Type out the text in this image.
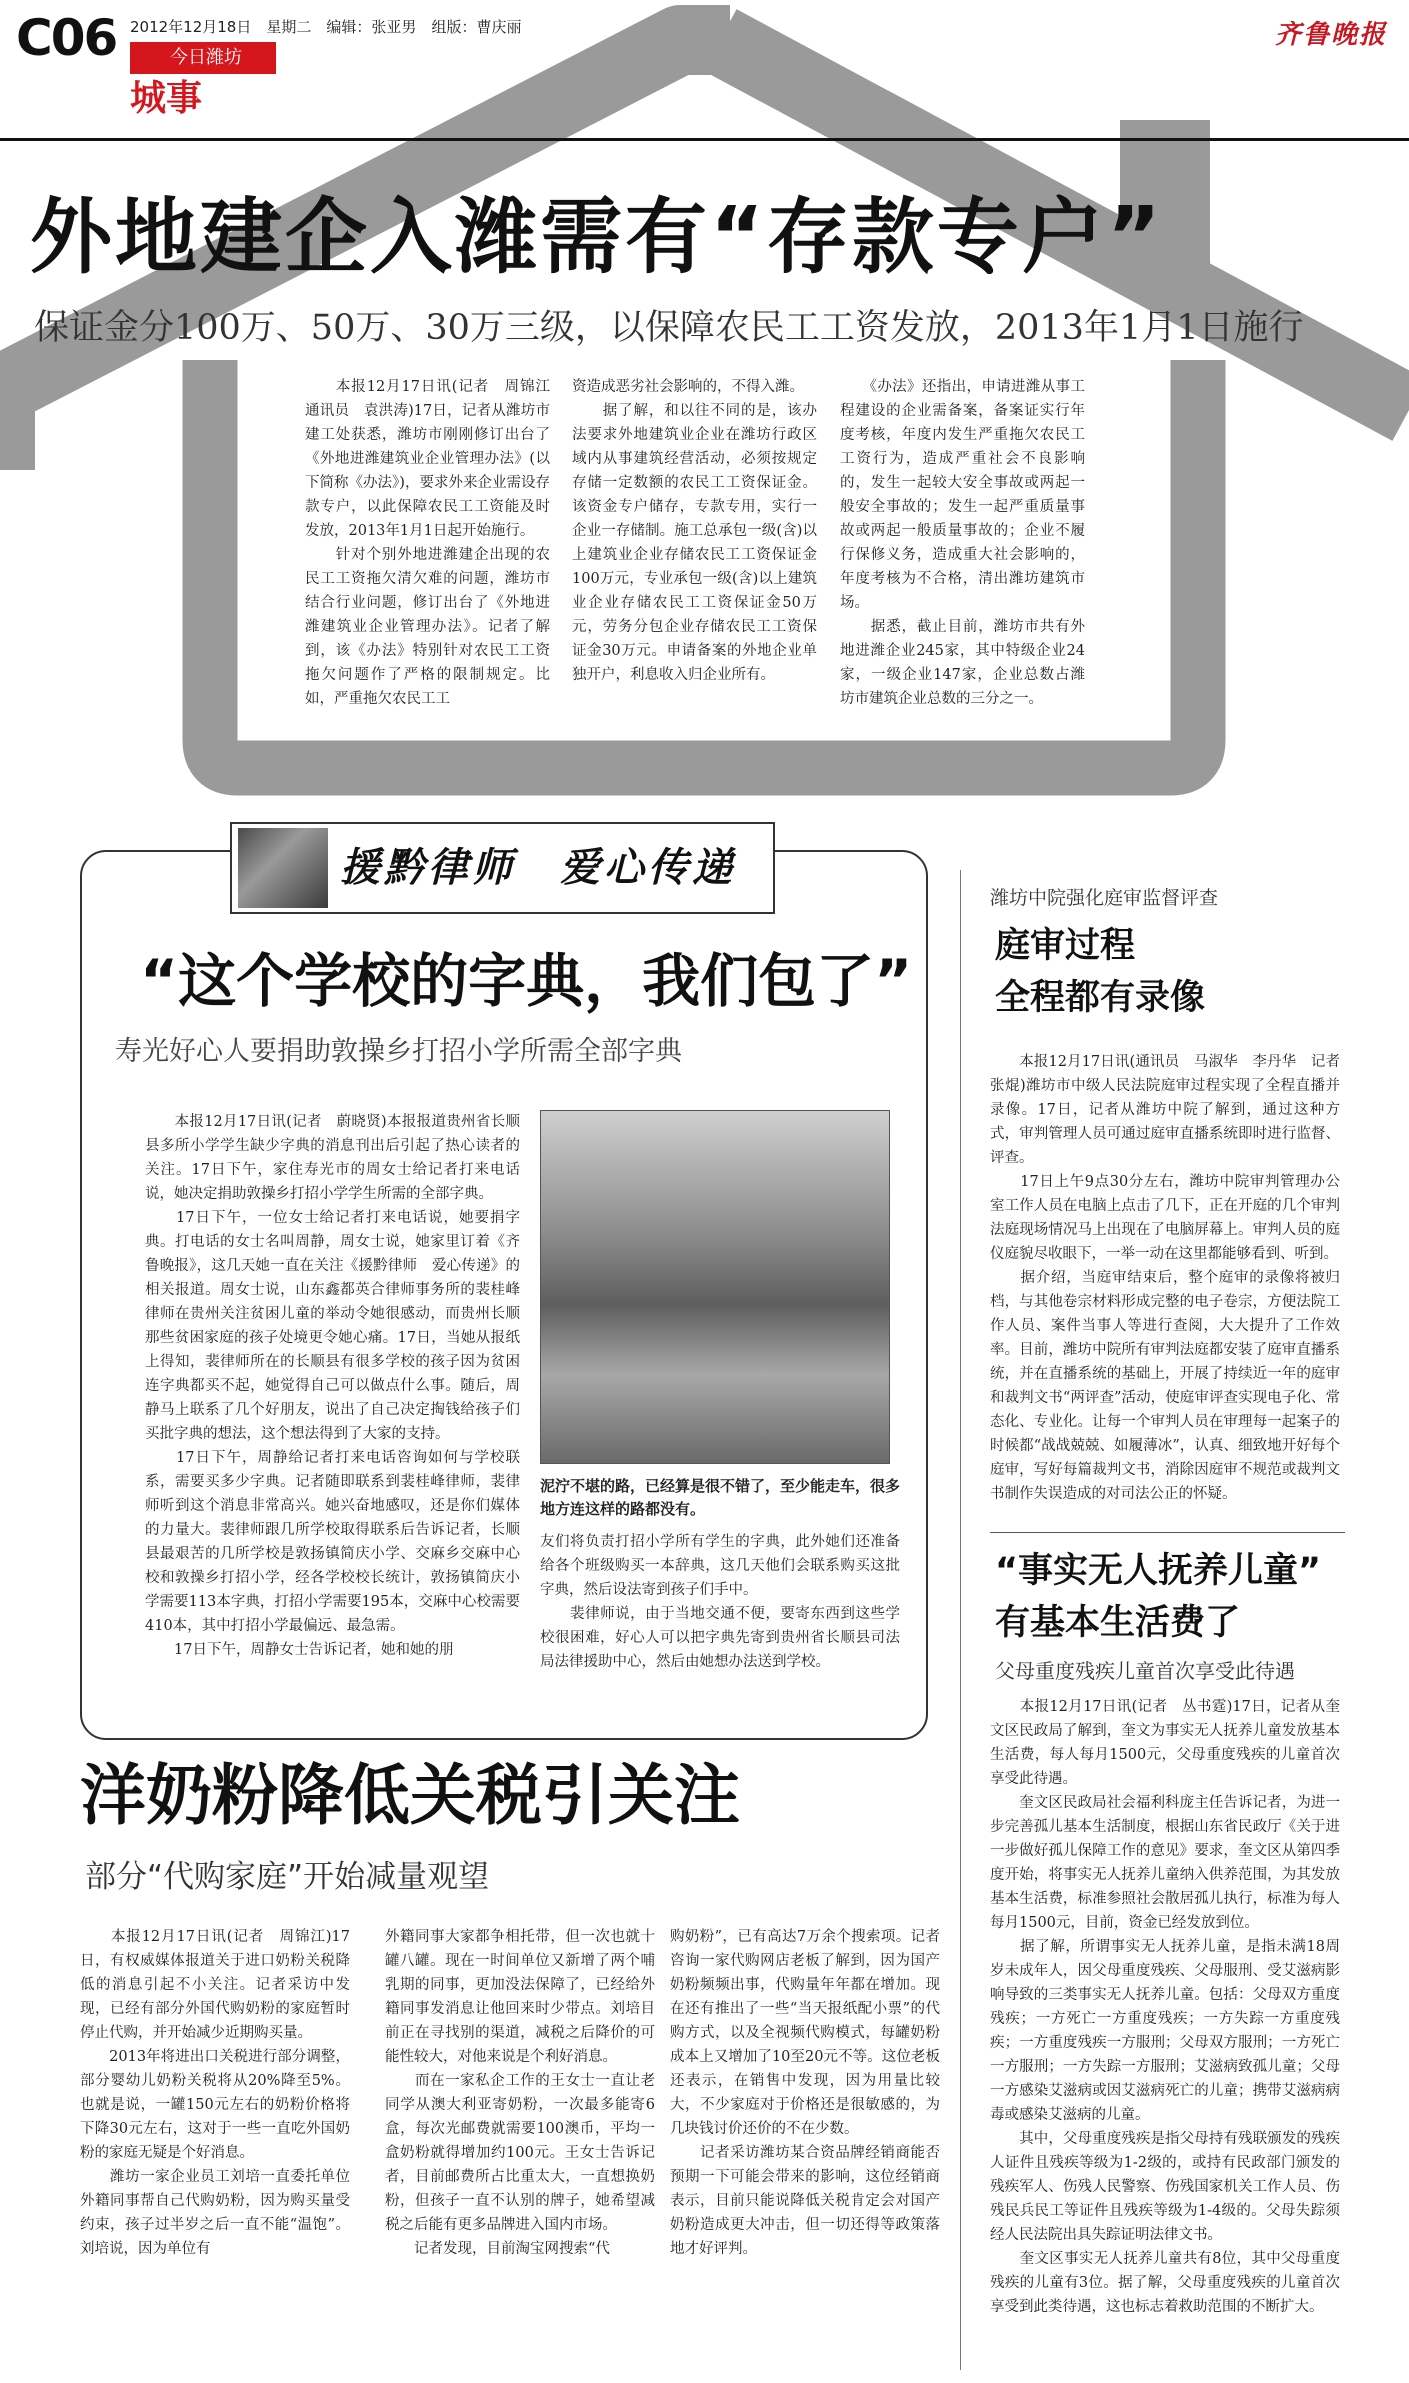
C06 2012年12月18日　 星期二　 编辑：张亚男　 组版：曹庆丽	齐鲁晚报
今日潍坊
城事
外地建企入潍需有“存款专户”
保证金分100万、50万、30万三级，以保障农民工工资发放，2013年1月1日施行
　　本报12月17日讯(记者　周锦江　通讯员　袁洪涛)17日，记者从潍坊市建工处获悉，潍坊市刚刚修订出台了《外地进潍建筑业企业管理办法》(以下简称《办法》)，要求外来企业需设存款专户，以此保障农民工工资能及时发放，2013年1月1日起开始施行。
　　针对个别外地进潍建企出现的农民工工资拖欠清欠难的问题，潍坊市结合行业问题，修订出台了《外地进潍建筑业企业管理办法》。记者了解到，该《办法》特别针对农民工工资拖欠问题作了严格的限制规定。比如，严重拖欠农民工工
资造成恶劣社会影响的，不得入潍。
　　据了解，和以往不同的是，该办法要求外地建筑业企业在潍坊行政区域内从事建筑经营活动，必须按规定存储一定数额的农民工工资保证金。该资金专户储存，专款专用，实行一企业一存储制。施工总承包一级(含)以上建筑业企业存储农民工工资保证金100万元，专业承包一级(含)以上建筑业企业存储农民工工资保证金50万元，劳务分包企业存储农民工工资保证金30万元。申请备案的外地企业单独开户，利息收入归企业所有。
　　《办法》还指出，申请进潍从事工程建设的企业需备案，备案证实行年度考核，年度内发生严重拖欠农民工工资行为，造成严重社会不良影响的，发生一起较大安全事故或两起一般安全事故的；发生一起严重质量事故或两起一般质量事故的；企业不履行保修义务，造成重大社会影响的，年度考核为不合格，清出潍坊建筑市场。
　　据悉，截止目前，潍坊市共有外地进潍企业245家，其中特级企业24家，一级企业147家，企业总数占潍坊市建筑企业总数的三分之一。
援黔律师　爱心传递
“这个学校的字典，我们包了”
寿光好心人要捐助敦操乡打招小学所需全部字典
　　本报12月17日讯(记者　蔚晓贤)本报报道贵州省长顺县多所小学学生缺少字典的消息刊出后引起了热心读者的关注。17日下午，家住寿光市的周女士给记者打来电话说，她决定捐助敦操乡打招小学学生所需的全部字典。
　　17日下午，一位女士给记者打来电话说，她要捐字典。打电话的女士名叫周静，周女士说，她家里订着《齐鲁晚报》，这几天她一直在关注《援黔律师　爱心传递》的相关报道。周女士说，山东鑫都英合律师事务所的裴桂峰律师在贵州关注贫困儿童的举动令她很感动，而贵州长顺那些贫困家庭的孩子处境更令她心痛。17日，当她从报纸上得知，裴律师所在的长顺县有很多学校的孩子因为贫困连字典都买不起，她觉得自己可以做点什么事。随后，周静马上联系了几个好朋友，说出了自己决定掏钱给孩子们买批字典的想法，这个想法得到了大家的支持。
　　17日下午，周静给记者打来电话咨询如何与学校联系，需要买多少字典。记者随即联系到裴桂峰律师，裴律师听到这个消息非常高兴。她兴奋地感叹，还是你们媒体的力量大。裴律师跟几所学校取得联系后告诉记者，长顺县最艰苦的几所学校是敦扬镇简庆小学、交麻乡交麻中心校和敦操乡打招小学，经各学校校长统计，敦扬镇简庆小学需要113本字典，打招小学需要195本，交麻中心校需要410本，其中打招小学最偏远、最急需。
　　17日下午，周静女士告诉记者，她和她的朋
泥泞不堪的路，已经算是很不错了，至少能走车，很多地方连这样的路都没有。
友们将负责打招小学所有学生的字典，此外她们还准备给各个班级购买一本辞典，这几天他们会联系购买这批字典，然后设法寄到孩子们手中。
　　裴律师说，由于当地交通不便，要寄东西到这些学校很困难，好心人可以把字典先寄到贵州省长顺县司法局法律援助中心，然后由她想办法送到学校。
潍坊中院强化庭审监督评查
庭审过程
全程都有录像
　　本报12月17日讯(通讯员　马淑华　李丹华　记者　张焜)潍坊市中级人民法院庭审过程实现了全程直播并录像。17日，记者从潍坊中院了解到，通过这种方式，审判管理人员可通过庭审直播系统即时进行监督、评查。
　　17日上午9点30分左右，潍坊中院审判管理办公室工作人员在电脑上点击了几下，正在开庭的几个审判法庭现场情况马上出现在了电脑屏幕上。审判人员的庭仪庭貌尽收眼下，一举一动在这里都能够看到、听到。
　　据介绍，当庭审结束后，整个庭审的录像将被归档，与其他卷宗材料形成完整的电子卷宗，方便法院工作人员、案件当事人等进行查阅，大大提升了工作效率。目前，潍坊中院所有审判法庭都安装了庭审直播系统，并在直播系统的基础上，开展了持续近一年的庭审和裁判文书“两评查”活动，使庭审评查实现电子化、常态化、专业化。让每一个审判人员在审理每一起案子的时候都“战战兢兢、如履薄冰”，认真、细致地开好每个庭审，写好每篇裁判文书，消除因庭审不规范或裁判文书制作失误造成的对司法公正的怀疑。
“事实无人抚养儿童”
有基本生活费了
父母重度残疾儿童首次享受此待遇
　　本报12月17日讯(记者　丛书霆)17日，记者从奎文区民政局了解到，奎文为事实无人抚养儿童发放基本生活费，每人每月1500元，父母重度残疾的儿童首次享受此待遇。
　　奎文区民政局社会福利科庞主任告诉记者，为进一步完善孤儿基本生活制度，根据山东省民政厅《关于进一步做好孤儿保障工作的意见》要求，奎文区从第四季度开始，将事实无人抚养儿童纳入供养范围，为其发放基本生活费，标准参照社会散居孤儿执行，标准为每人每月1500元，目前，资金已经发放到位。
　　据了解，所谓事实无人抚养儿童，是指未满18周岁未成年人，因父母重度残疾、父母服刑、受艾滋病影响导致的三类事实无人抚养儿童。包括：父母双方重度残疾；一方死亡一方重度残疾；一方失踪一方重度残疾；一方重度残疾一方服刑；父母双方服刑；一方死亡一方服刑；一方失踪一方服刑；艾滋病致孤儿童；父母一方感染艾滋病或因艾滋病死亡的儿童；携带艾滋病病毒或感染艾滋病的儿童。
　　其中，父母重度残疾是指父母持有残联颁发的残疾人证件且残疾等级为1-2级的，或持有民政部门颁发的残疾军人、伤残人民警察、伤残国家机关工作人员、伤残民兵民工等证件且残疾等级为1-4级的。父母失踪须经人民法院出具失踪证明法律文书。
　　奎文区事实无人抚养儿童共有8位，其中父母重度残疾的儿童有3位。据了解，父母重度残疾的儿童首次享受到此类待遇，这也标志着救助范围的不断扩大。
洋奶粉降低关税引关注
部分“代购家庭”开始减量观望
　　本报12月17日讯(记者　周锦江)17日，有权威媒体报道关于进口奶粉关税降低的消息引起不小关注。记者采访中发现，已经有部分外国代购奶粉的家庭暂时停止代购，并开始减少近期购买量。
　　2013年将进出口关税进行部分调整，部分婴幼儿奶粉关税将从20%降至5%。也就是说，一罐150元左右的奶粉价格将下降30元左右，这对于一些一直吃外国奶粉的家庭无疑是个好消息。
　　潍坊一家企业员工刘培一直委托单位外籍同事帮自己代购奶粉，因为购买量受约束，孩子过半岁之后一直不能“温饱”。刘培说，因为单位有
外籍同事大家都争相托带，但一次也就十罐八罐。现在一时间单位又新增了两个哺乳期的同事，更加没法保障了，已经给外籍同事发消息让他回来时少带点。刘培目前正在寻找别的渠道，减税之后降价的可能性较大，对他来说是个利好消息。
　　而在一家私企工作的王女士一直让老同学从澳大利亚寄奶粉，一次最多能寄6盒，每次光邮费就需要100澳币，平均一盒奶粉就得增加约100元。王女士告诉记者，目前邮费所占比重太大，一直想换奶粉，但孩子一直不认别的牌子，她希望减税之后能有更多品牌进入国内市场。
　　记者发现，目前淘宝网搜索“代
购奶粉”，已有高达7万余个搜索项。记者咨询一家代购网店老板了解到，因为国产奶粉频频出事，代购量年年都在增加。现在还有推出了一些“当天报纸配小票”的代购方式，以及全视频代购模式，每罐奶粉成本上又增加了10至20元不等。这位老板还表示，在销售中发现，因为用量比较大，不少家庭对于价格还是很敏感的，为几块钱讨价还价的不在少数。
　　记者采访潍坊某合资品牌经销商能否预期一下可能会带来的影响，这位经销商表示，目前只能说降低关税肯定会对国产奶粉造成更大冲击，但一切还得等政策落地才好评判。
